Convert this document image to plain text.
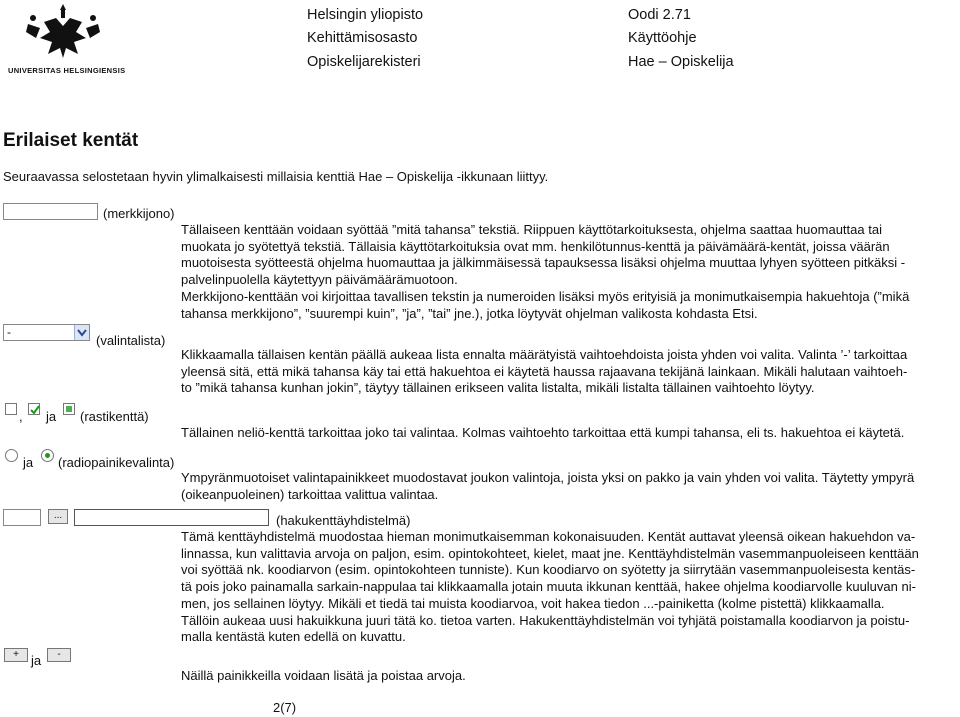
UNIVERSITAS HELSINGIENSIS
Helsingin yliopisto
Kehittämisosasto
Opiskelijarekisteri
Oodi 2.71
Käyttöohje
Hae – Opiskelija
Erilaiset kentät
Seuraavassa selostetaan hyvin ylimalkaisesti millaisia kenttiä Hae – Opiskelija -ikkunaan liittyy.
(merkkijono)
Tällaiseen kenttään voidaan syöttää ”mitä tahansa” tekstiä. Riippuen käyttötarkoituksesta, ohjelma saattaa huomauttaa tai
muokata jo syötettyä tekstiä. Tällaisia käyttötarkoituksia ovat mm. henkilötunnus-kenttä ja päivämäärä-kentät, joissa väärän
muotoisesta syötteestä ohjelma huomauttaa ja jälkimmäisessä tapauksessa lisäksi ohjelma muuttaa lyhyen syötteen pitkäksi -
palvelinpuolella käytettyyn päivämäärämuotoon.
Merkkijono-kenttään voi kirjoittaa tavallisen tekstin ja numeroiden lisäksi myös erityisiä ja monimutkaisempia hakuehtoja (”mikä
tahansa merkkijono”, ”suurempi kuin”, ”ja”, ”tai” jne.), jotka löytyvät ohjelman valikosta kohdasta Etsi.
-
(valintalista)
Klikkaamalla tällaisen kentän päällä aukeaa lista ennalta määrätyistä vaihtoehdoista joista yhden voi valita. Valinta ’-’ tarkoittaa
yleensä sitä, että mikä tahansa käy tai että hakuehtoa ei käytetä haussa rajaavana tekijänä lainkaan. Mikäli halutaan vaihtoeh-
to ”mikä tahansa kunhan jokin”, täytyy tällainen erikseen valita listalta, mikäli listalta tällainen vaihtoehto löytyy.
, ja (rastikenttä)
Tällainen neliö-kenttä tarkoittaa joko tai valintaa. Kolmas vaihtoehto tarkoittaa että kumpi tahansa, eli ts. hakuehtoa ei käytetä.
ja (radiopainikevalinta)
Ympyränmuotoiset valintapainikkeet muodostavat joukon valintoja, joista yksi on pakko ja vain yhden voi valita. Täytetty ympyrä
(oikeanpuoleinen) tarkoittaa valittua valintaa.
...	(hakukenttäyhdistelmä)
Tämä kenttäyhdistelmä muodostaa hieman monimutkaisemman kokonaisuuden. Kentät auttavat yleensä oikean hakuehdon va-
linnassa, kun valittavia arvoja on paljon, esim. opintokohteet, kielet, maat jne. Kenttäyhdistelmän vasemmanpuoleiseen kenttään
voi syöttää nk. koodiarvon (esim. opintokohteen tunniste). Kun koodiarvo on syötetty ja siirrytään vasemmanpuoleisesta kentäs-
tä pois joko painamalla sarkain-nappulaa tai klikkaamalla jotain muuta ikkunan kenttää, hakee ohjelma koodiarvolle kuuluvan ni-
men, jos sellainen löytyy. Mikäli et tiedä tai muista koodiarvoa, voit hakea tiedon ...-painiketta (kolme pistettä) klikkaamalla.
Tällöin aukeaa uusi hakuikkuna juuri tätä ko. tietoa varten. Hakukenttäyhdistelmän voi tyhjätä poistamalla koodiarvon ja poistu-
malla kentästä kuten edellä on kuvattu.
+ ja	-
Näillä painikkeilla voidaan lisätä ja poistaa arvoja.
2(7)
